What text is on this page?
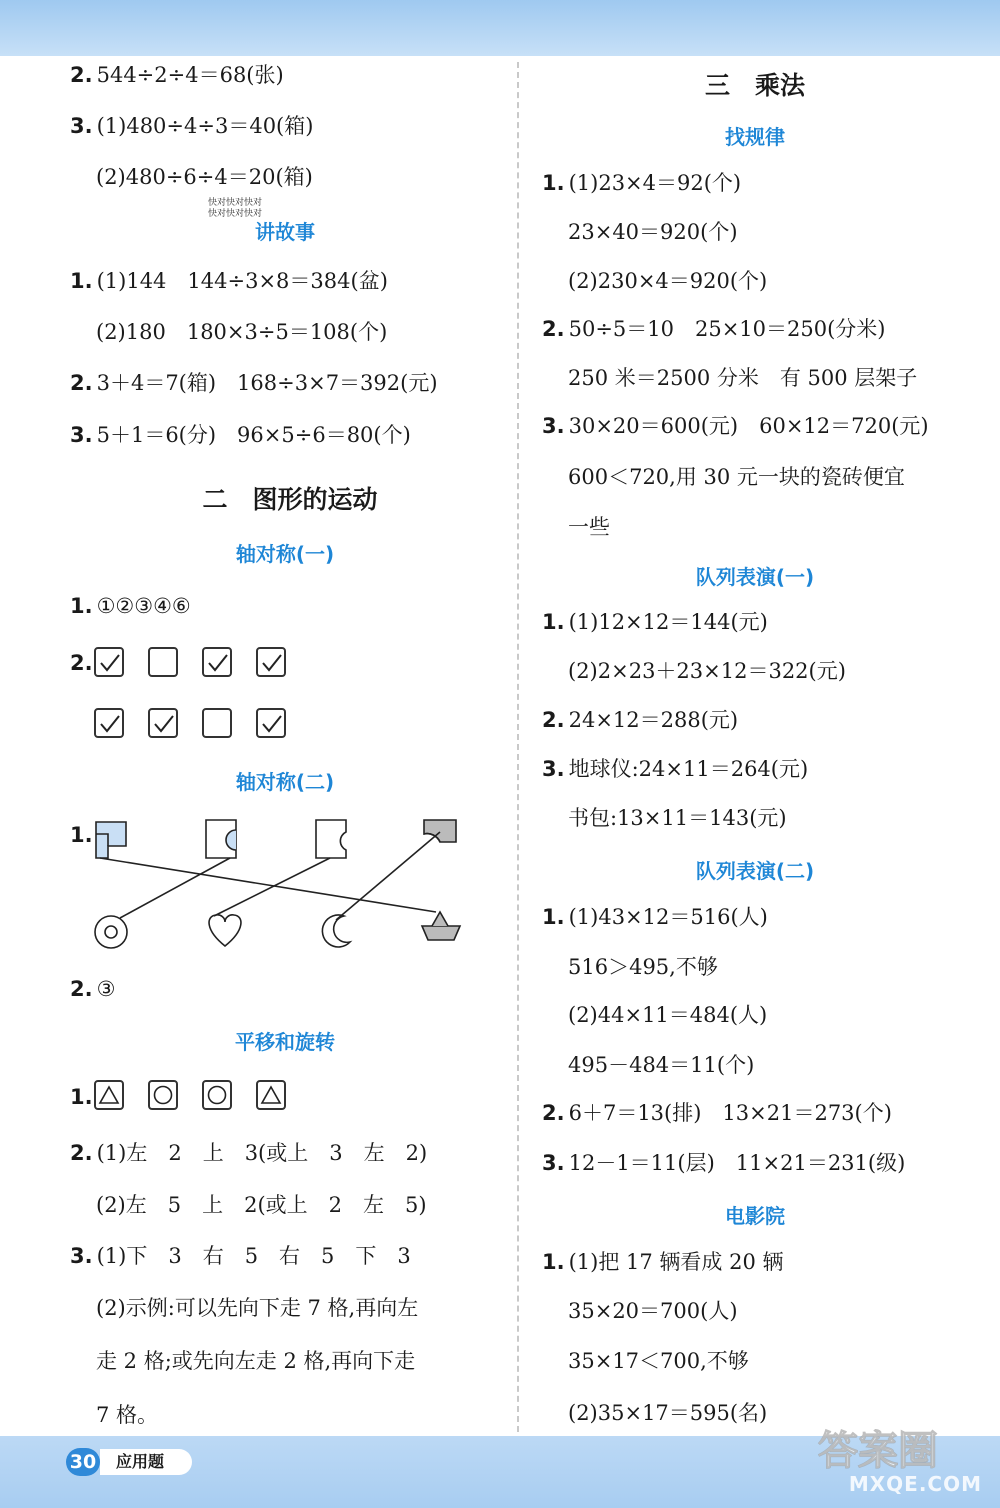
2. 544÷2÷4＝68(张)
3. (1)480÷4÷3＝40(箱)
(2)480÷6÷4＝20(箱)
快对快对快对
快对快对快对
讲故事
1. (1)144　144÷3×8＝384(盆)
(2)180　180×3÷5＝108(个)
2. 3＋4＝7(箱)　168÷3×7＝392(元)
3. 5＋1＝6(分)　96×5÷6＝80(个)
二　图形的运动
轴对称(一)
1. ①②③④⑥
2.
轴对称(二)
1.
2. ③
平移和旋转
1.
2. (1)左　2　上　3(或上　3　左　2)
(2)左　5　上　2(或上　2　左　5)
3. (1)下　3　右　5　右　5　下　3
(2)示例:可以先向下走 7 格,再向左
走 2 格;或先向左走 2 格,再向下走
7 格。
三　乘法
找规律
1. (1)23×4＝92(个)
23×40＝920(个)
(2)230×4＝920(个)
2. 50÷5＝10　25×10＝250(分米)
250 米＝2500 分米　有 500 层架子
3. 30×20＝600(元)　60×12＝720(元)
600＜720,用 30 元一块的瓷砖便宜
一些
队列表演(一)
1. (1)12×12＝144(元)
(2)2×23＋23×12＝322(元)
2. 24×12＝288(元)
3. 地球仪:24×11＝264(元)
书包:13×11＝143(元)
队列表演(二)
1. (1)43×12＝516(人)
516＞495,不够
(2)44×11＝484(人)
495－484＝11(个)
2. 6＋7＝13(排)　13×21＝273(个)
3. 12－1＝11(层)　11×21＝231(级)
电影院
1. (1)把 17 辆看成 20 辆
35×20＝700(人)
35×17＜700,不够
(2)35×17＝595(名)
30	应用题	答案圈
MXQE.COM
